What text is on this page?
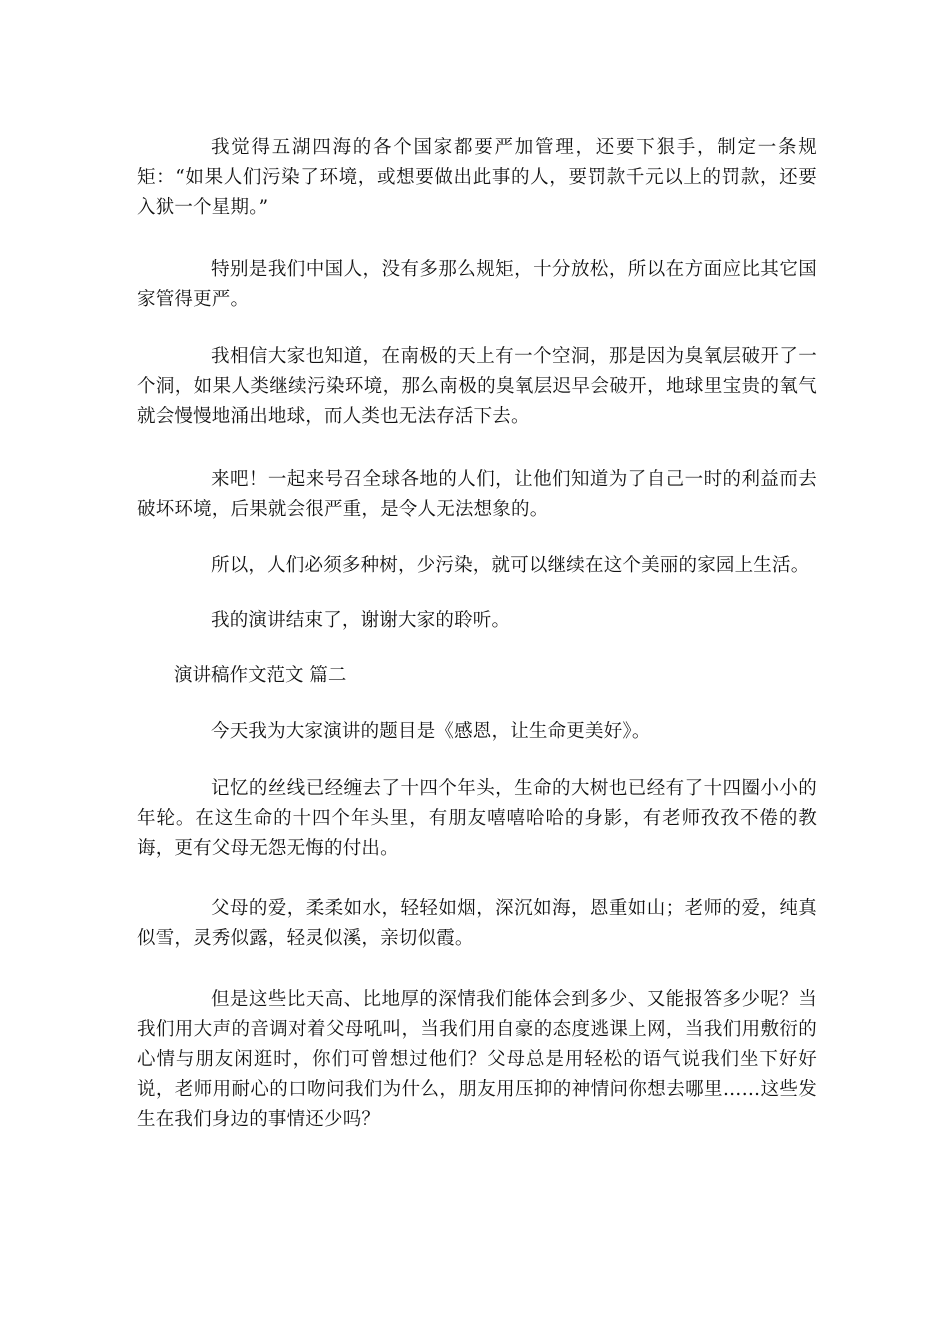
我觉得五湖四海的各个国家都要严加管理，还要下狠手，制定一条规矩：“如果人们污染了环境，或想要做出此事的人，要罚款千元以上的罚款，还要入狱一个星期。”

特别是我们中国人，没有多那么规矩，十分放松，所以在方面应比其它国家管得更严。

我相信大家也知道，在南极的天上有一个空洞，那是因为臭氧层破开了一个洞，如果人类继续污染环境，那么南极的臭氧层迟早会破开，地球里宝贵的氧气就会慢慢地涌出地球，而人类也无法存活下去。

来吧！一起来号召全球各地的人们，让他们知道为了自己一时的利益而去破坏环境，后果就会很严重，是令人无法想象的。

所以，人们必须多种树，少污染，就可以继续在这个美丽的家园上生活。

我的演讲结束了，谢谢大家的聆听。

演讲稿作文范文 篇二

今天我为大家演讲的题目是《感恩，让生命更美好》。

记忆的丝线已经缠去了十四个年头，生命的大树也已经有了十四圈小小的年轮。在这生命的十四个年头里，有朋友嘻嘻哈哈的身影，有老师孜孜不倦的教诲，更有父母无怨无悔的付出。

父母的爱，柔柔如水，轻轻如烟，深沉如海，恩重如山；老师的爱，纯真似雪，灵秀似露，轻灵似溪，亲切似霞。

但是这些比天高、比地厚的深情我们能体会到多少、又能报答多少呢？当我们用大声的音调对着父母吼叫，当我们用自豪的态度逃课上网，当我们用敷衍的心情与朋友闲逛时，你们可曾想过他们？父母总是用轻松的语气说我们坐下好好说，老师用耐心的口吻问我们为什么，朋友用压抑的神情问你想去哪里……这些发生在我们身边的事情还少吗？
